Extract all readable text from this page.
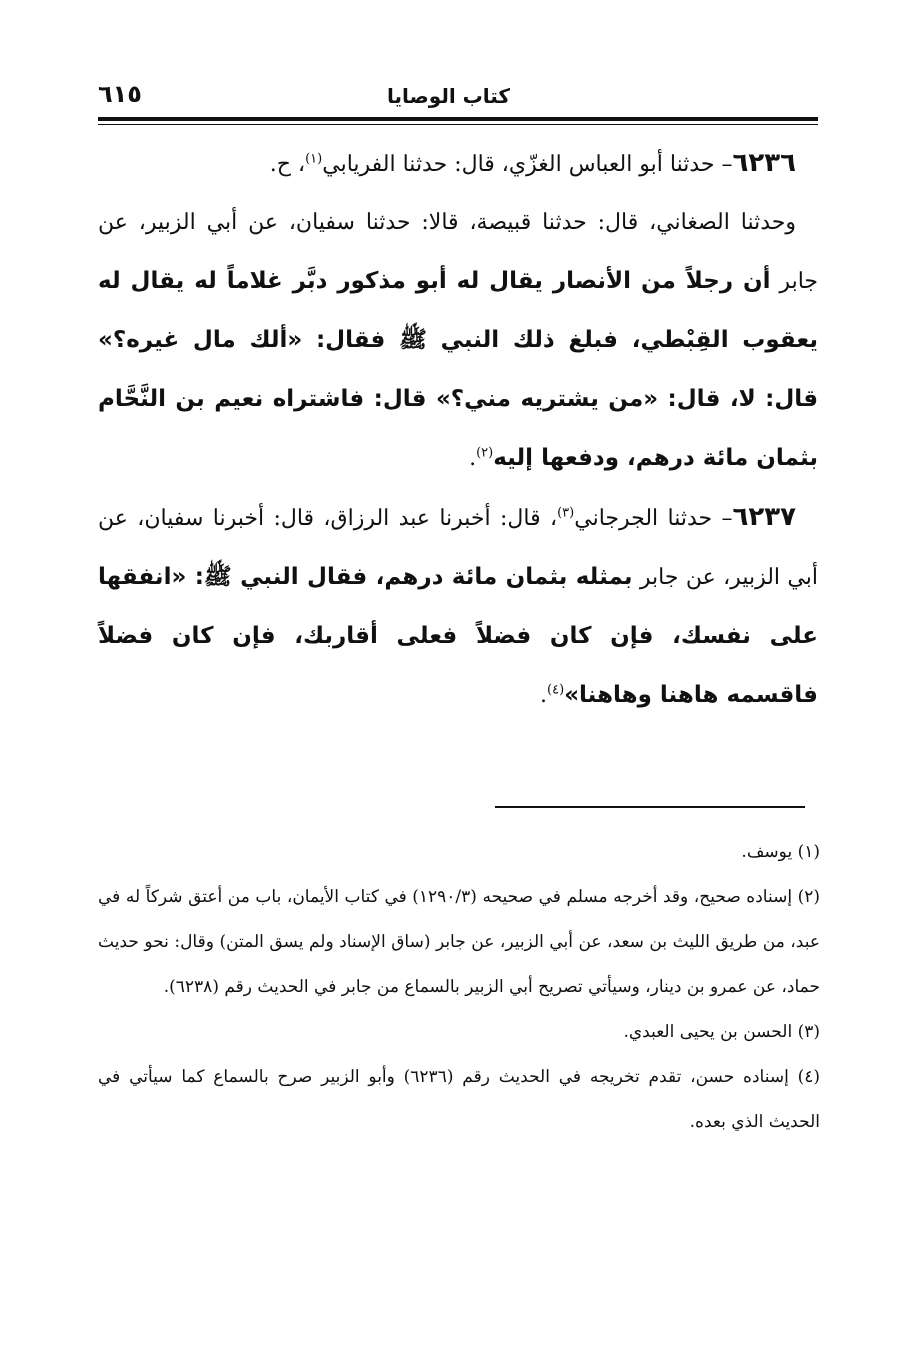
كتاب الوصايا
٦١٥

٦٢٣٦– حدثنا أبو العباس الغزّي، قال: حدثنا الفريابي$^{(١)}$، ح.

وحدثنا الصغاني، قال: حدثنا قبيصة، قالا: حدثنا سفيان، عن أبي الزبير، عن جابر أن رجلاً من الأنصار يقال له أبو مذكور دبَّر غلاماً له يقال له يعقوب القِبْطي، فبلغ ذلك النبي ﷺ فقال: «ألك مال غيره؟» قال: لا، قال: «من يشتريه مني؟» قال: فاشتراه نعيم بن النَّحَّام بثمان مائة درهم، ودفعها إليه$^{(٢)}$.

٦٢٣٧– حدثنا الجرجاني$^{(٣)}$، قال: أخبرنا عبد الرزاق، قال: أخبرنا سفيان، عن أبي الزبير، عن جابر بمثله بثمان مائة درهم، فقال النبي ﷺ: «انفقها على نفسك، فإن كان فضلاً فعلى أقاربك، فإن كان فضلاً فاقسمه هاهنا وهاهنا»$^{(٤)}$.

(١) يوسف.

(٢) إسناده صحيح، وقد أخرجه مسلم في صحيحه (١٢٩٠/٣) في كتاب الأيمان، باب من أعتق شركاً له في عبد، من طريق الليث بن سعد، عن أبي الزبير، عن جابر (ساق الإسناد ولم يسق المتن) وقال: نحو حديث حماد، عن عمرو بن دينار، وسيأتي تصريح أبي الزبير بالسماع من جابر في الحديث رقم (٦٢٣٨).

(٣) الحسن بن يحيى العبدي.

(٤) إسناده حسن، تقدم تخريجه في الحديث رقم (٦٢٣٦) وأبو الزبير صرح بالسماع كما سيأتي في الحديث الذي بعده.
